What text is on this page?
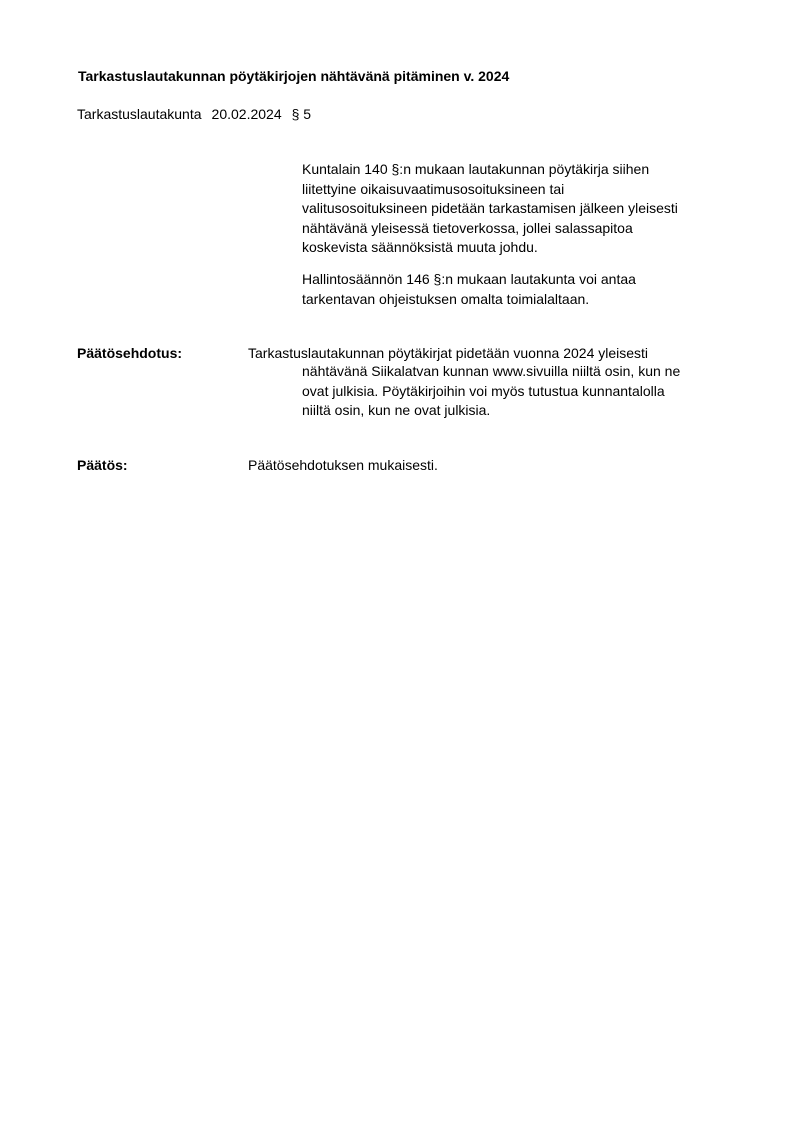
Tarkastuslautakunnan pöytäkirjojen nähtävänä pitäminen v. 2024
Tarkastuslautakunta 20.02.2024 § 5

Kuntalain 140 §:n mukaan lautakunnan pöytäkirja siihen

liitettyine oikaisuvaatimusosoituksineen tai

valitusosoituksineen pidetään tarkastamisen jälkeen yleisesti

nähtävänä yleisessä tietoverkossa, jollei salassapitoa

koskevista säännöksistä muuta johdu.

Hallintosäännön 146 §:n mukaan lautakunta voi antaa

tarkentavan ohjeistuksen omalta toimialaltaan.

Päätösehdotus:	Tarkastuslautakunnan pöytäkirjat pidetään vuonna 2024 yleisesti

nähtävänä Siikalatvan kunnan www.sivuilla niiltä osin, kun ne

ovat julkisia. Pöytäkirjoihin voi myös tutustua kunnantalolla

niiltä osin, kun ne ovat julkisia.

Päätös:	Päätösehdotuksen mukaisesti.
